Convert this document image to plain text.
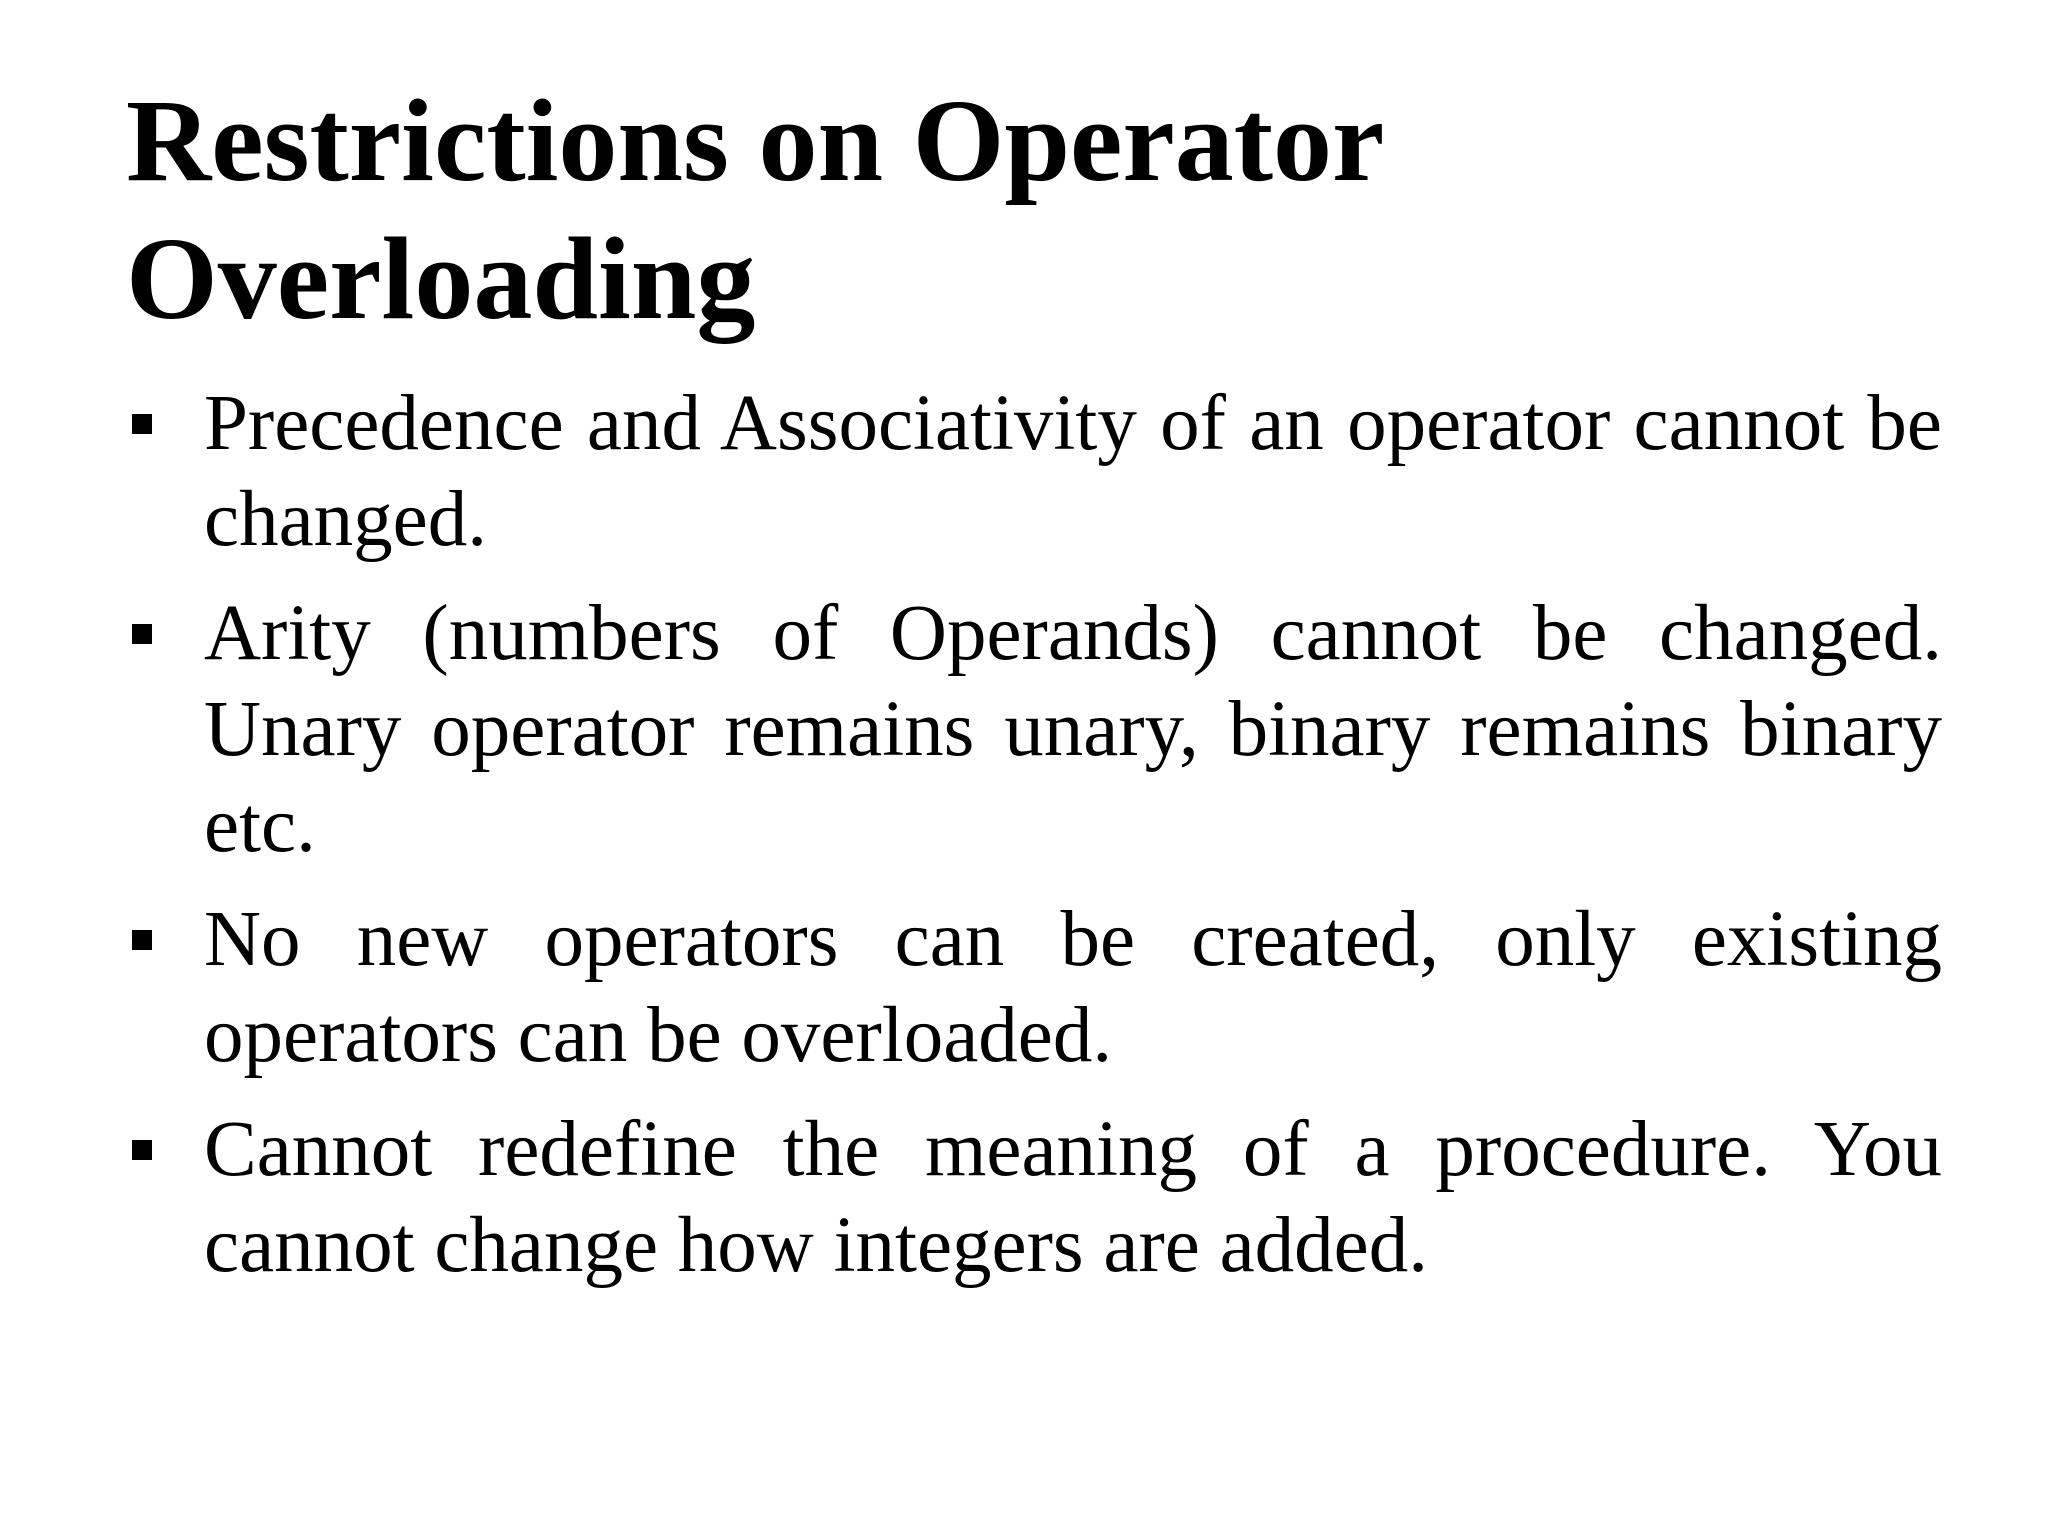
Restrictions on Operator Overloading
Precedence and Associativity of an operator cannot be changed.
Arity (numbers of Operands) cannot be changed. Unary operator remains unary, binary remains binary etc.
No new operators can be created, only existing operators can be overloaded.
Cannot redefine the meaning of a procedure. You cannot change how integers are added.
